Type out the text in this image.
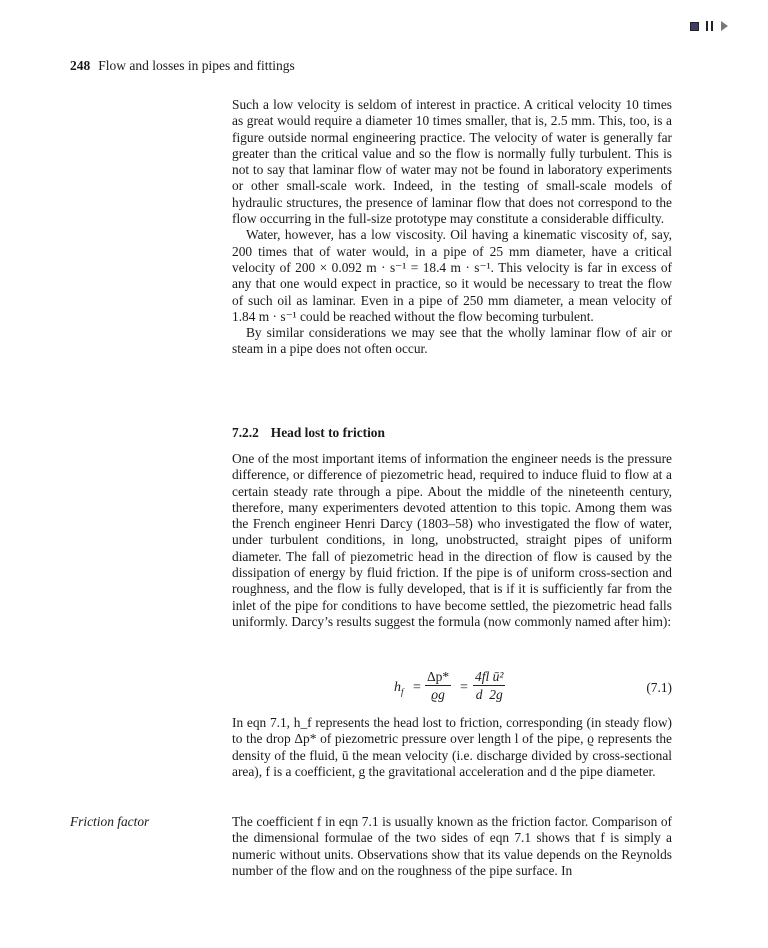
248 Flow and losses in pipes and fittings

Such a low velocity is seldom of interest in practice. A critical velocity 10 times as great would require a diameter 10 times smaller, that is, 2.5 mm. This, too, is a figure outside normal engineering practice. The velocity of water is generally far greater than the critical value and so the flow is normally fully turbulent. This is not to say that laminar flow of water may not be found in laboratory experiments or other small-scale work. Indeed, in the testing of small-scale models of hydraulic structures, the presence of laminar flow that does not correspond to the flow occurring in the full-size prototype may constitute a considerable difficulty.

Water, however, has a low viscosity. Oil having a kinematic viscosity of, say, 200 times that of water would, in a pipe of 25 mm diameter, have a critical velocity of 200 × 0.092 m · s⁻¹ = 18.4 m · s⁻¹. This velocity is far in excess of any that one would expect in practice, so it would be necessary to treat the flow of such oil as laminar. Even in a pipe of 250 mm diameter, a mean velocity of 1.84 m · s⁻¹ could be reached without the flow becoming turbulent.

By similar considerations we may see that the wholly laminar flow of air or steam in a pipe does not often occur.

7.2.2 Head lost to friction

One of the most important items of information the engineer needs is the pressure difference, or difference of piezometric head, required to induce fluid to flow at a certain steady rate through a pipe. About the middle of the nineteenth century, therefore, many experimenters devoted attention to this topic. Among them was the French engineer Henri Darcy (1803–58) who investigated the flow of water, under turbulent conditions, in long, unobstructed, straight pipes of uniform diameter. The fall of piezometric head in the direction of flow is caused by the dissipation of energy by fluid friction. If the pipe is of uniform cross-section and roughness, and the flow is fully developed, that is if it is sufficiently far from the inlet of the pipe for conditions to have become settled, the piezometric head falls uniformly. Darcy’s results suggest the formula (now commonly named after him):

$h_f = \frac{\Delta p*}{ϱg} = \frac{\text{4fl ū²}}{d 2g}$	(7.1)

In eqn 7.1, h_f represents the head lost to friction, corresponding (in steady flow) to the drop Δp* of piezometric pressure over length l of the pipe, ϱ represents the density of the fluid, ū the mean velocity (i.e. discharge divided by cross-sectional area), f is a coefficient, g the gravitational acceleration and d the pipe diameter.

Friction factor	The coefficient f in eqn 7.1 is usually known as the friction factor. Comparison of the dimensional formulae of the two sides of eqn 7.1 shows that f is simply a numeric without units. Observations show that its value depends on the Reynolds number of the flow and on the roughness of the pipe surface. In
